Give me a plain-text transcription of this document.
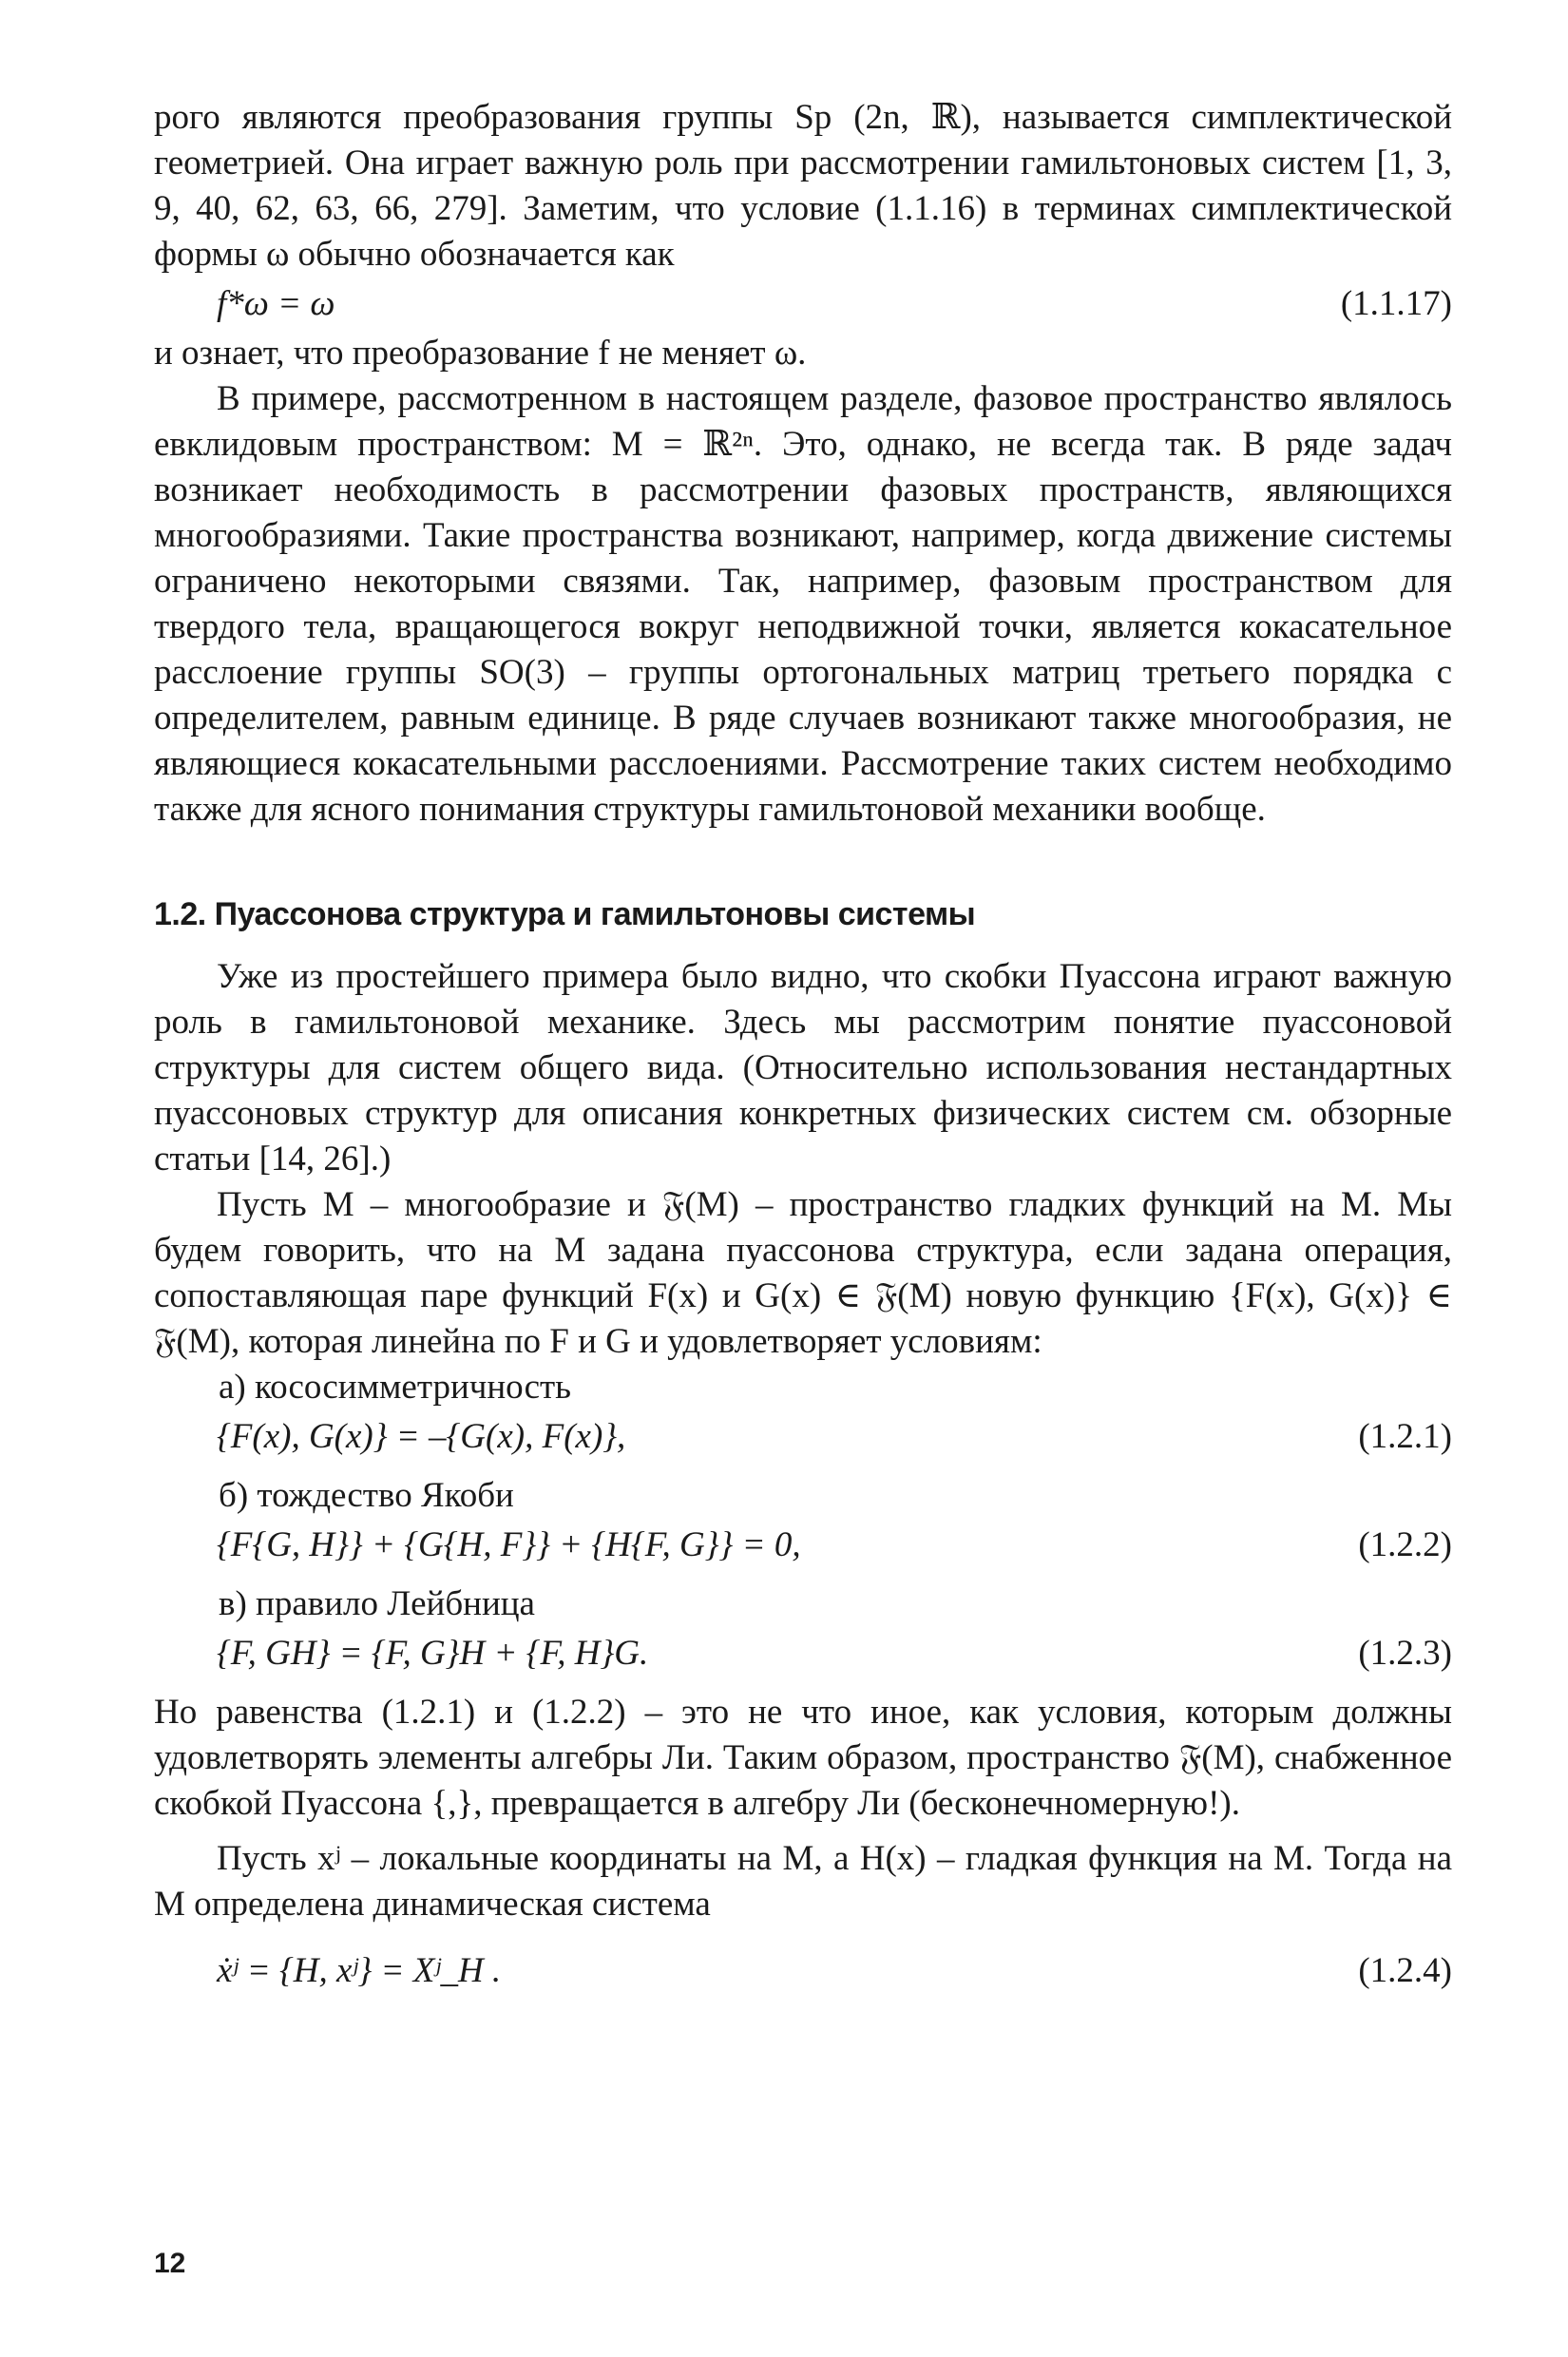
рого являются преобразования группы Sp (2n, ℝ), называется симплектической геометрией. Она играет важную роль при рассмотрении гамильтоновых систем [1, 3, 9, 40, 62, 63, 66, 279]. Заметим, что условие (1.1.16) в терминах симплектической формы ω обычно обозначается как

f*ω = ω	(1.1.17)

и ознает, что преобразование f не меняет ω.

В примере, рассмотренном в настоящем разделе, фазовое пространство являлось евклидовым пространством: M = ℝ²ⁿ. Это, однако, не всегда так. В ряде задач возникает необходимость в рассмотрении фазовых пространств, являющихся многообразиями. Такие пространства возникают, например, когда движение системы ограничено некоторыми связями. Так, например, фазовым пространством для твердого тела, вращающегося вокруг неподвижной точки, является кокасательное расслоение группы SO(3) – группы ортогональных матриц третьего порядка с определителем, равным единице. В ряде случаев возникают также многообразия, не являющиеся кокасательными расслоениями. Рассмотрение таких систем необходимо также для ясного понимания структуры гамильтоновой механики вообще.

1.2. Пуассонова структура и гамильтоновы системы

Уже из простейшего примера было видно, что скобки Пуассона играют важную роль в гамильтоновой механике. Здесь мы рассмотрим понятие пуассоновой структуры для систем общего вида. (Относительно использования нестандартных пуассоновых структур для описания конкретных физических систем см. обзорные статьи [14, 26].)

Пусть M – многообразие и 𝔉(M) – пространство гладких функций на M. Мы будем говорить, что на M задана пуассонова структура, если задана операция, сопоставляющая паре функций F(x) и G(x) ∈ 𝔉(M) новую функцию {F(x), G(x)} ∈ 𝔉(M), которая линейна по F и G и удовлетворяет условиям:

а) кососимметричность

{F(x), G(x)} = –{G(x), F(x)},	(1.2.1)

б) тождество Якоби

{F{G, H}} + {G{H, F}} + {H{F, G}} = 0,	(1.2.2)

в) правило Лейбница

{F, GH} = {F, G}H + {F, H}G.	(1.2.3)

Но равенства (1.2.1) и (1.2.2) – это не что иное, как условия, которым должны удовлетворять элементы алгебры Ли. Таким образом, пространство 𝔉(M), снабженное скобкой Пуассона {,}, превращается в алгебру Ли (бесконечномерную!).

Пусть xʲ – локальные координаты на M, а H(x) – гладкая функция на M. Тогда на M определена динамическая система

ẋʲ = {H, xʲ} = Xʲ_H .	(1.2.4)
12
